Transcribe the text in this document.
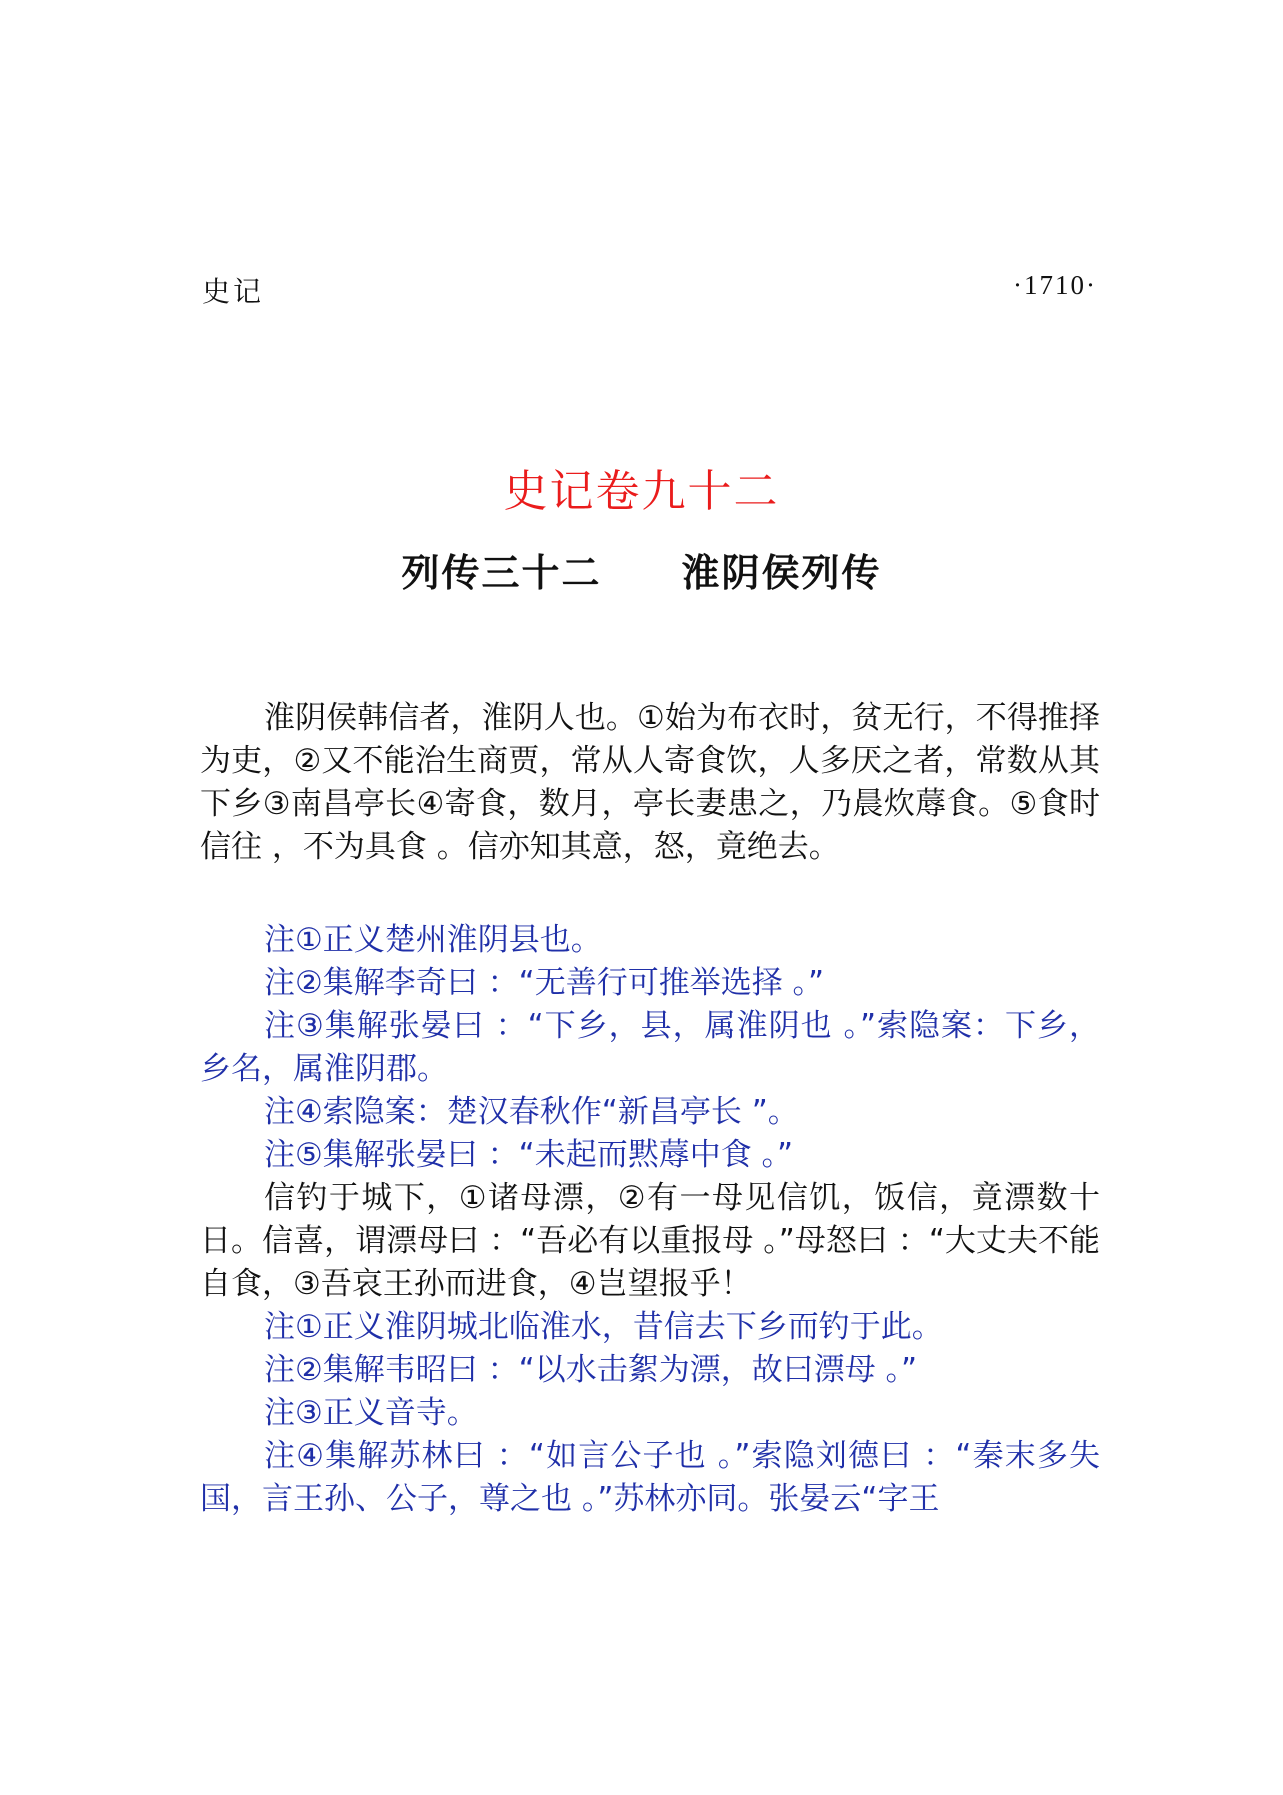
史记	·1710·
史记卷九十二
列传三十二 淮阴侯列传

淮阴侯韩信者，淮阴人也。①始为布衣时，贫无行，不得推择为吏，②又不能治生商贾，常从人寄食饮，人多厌之者，常数从其下乡③南昌亭长④寄食，数月，亭长妻患之，乃晨炊蓐食。⑤食时信往 ，不为具食 。信亦知其意，怒，竟绝去。

注①正义楚州淮阴县也。

注②集解李奇曰 ：“无善行可推举选择 。”

注③集解张晏曰 ：“下乡，县，属淮阴也 。”索隐案：下乡，乡名，属淮阴郡。

注④索隐案：楚汉春秋作“新昌亭长 ”。

注⑤集解张晏曰 ：“未起而黙蓐中食 。”

信钓于城下，①诸母漂，②有一母见信饥，饭信，竟漂数十日。信喜，谓漂母曰 ：“吾必有以重报母 。”母怒曰 ：“大丈夫不能自食，③吾哀王孙而进食，④岂望报乎！

注①正义淮阴城北临淮水，昔信去下乡而钓于此。

注②集解韦昭曰 ：“以水击絮为漂，故曰漂母 。”

注③正义音寺。

注④集解苏林曰 ：“如言公子也 。”索隐刘德曰 ：“秦末多失国，言王孙、公子，尊之也 。”苏林亦同。张晏云“字王
